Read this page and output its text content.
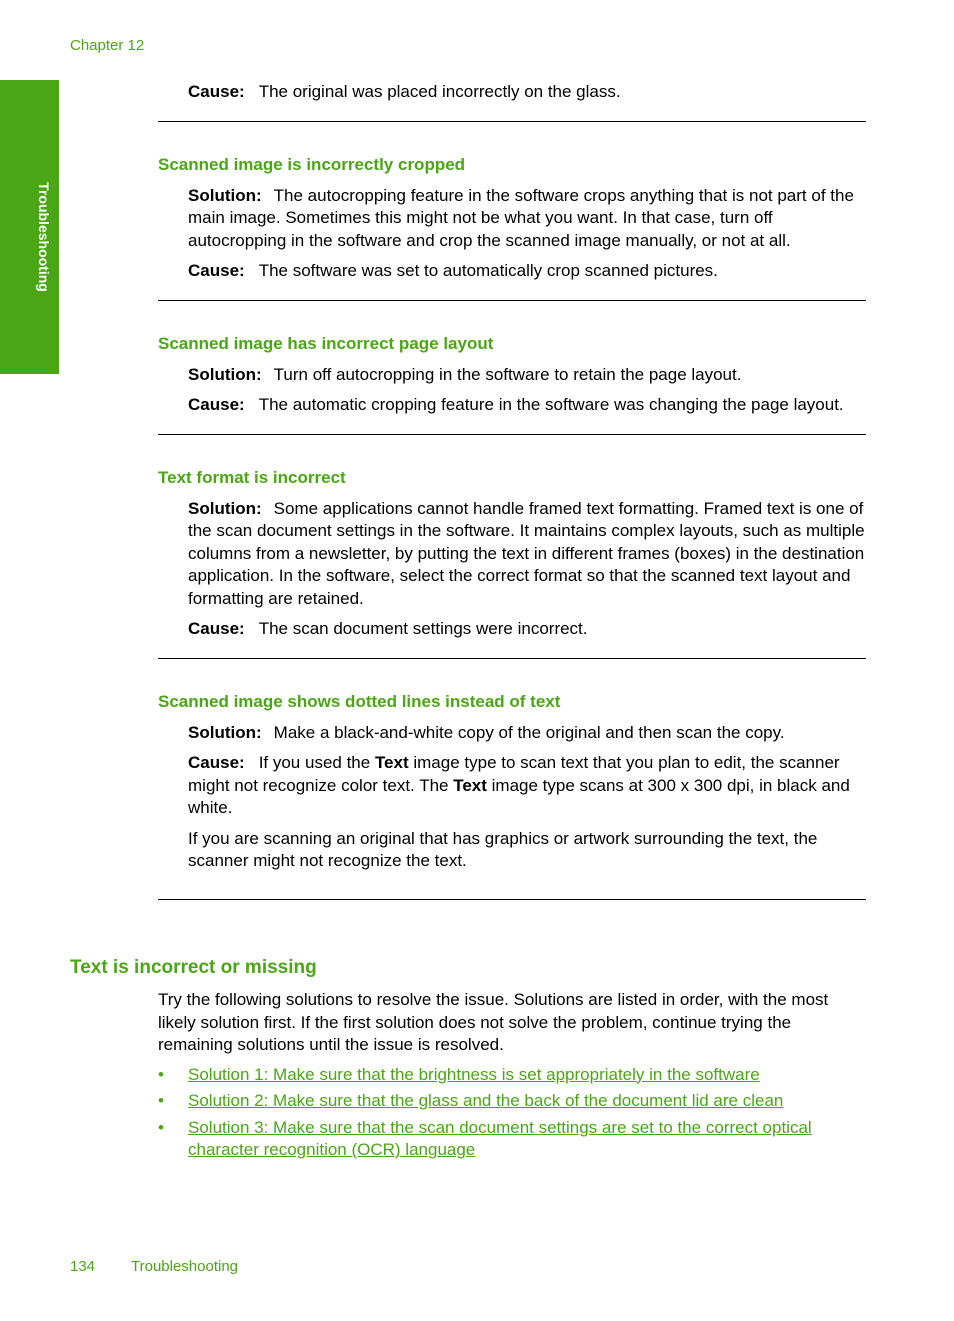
Chapter 12
Troubleshooting

Cause: The original was placed incorrectly on the glass.

Scanned image is incorrectly cropped

Solution: The autocropping feature in the software crops anything that is not part of the main image. Sometimes this might not be what you want. In that case, turn off autocropping in the software and crop the scanned image manually, or not at all.

Cause: The software was set to automatically crop scanned pictures.

Scanned image has incorrect page layout

Solution: Turn off autocropping in the software to retain the page layout.

Cause: The automatic cropping feature in the software was changing the page layout.

Text format is incorrect

Solution: Some applications cannot handle framed text formatting. Framed text is one of the scan document settings in the software. It maintains complex layouts, such as multiple columns from a newsletter, by putting the text in different frames (boxes) in the destination application. In the software, select the correct format so that the scanned text layout and formatting are retained.

Cause: The scan document settings were incorrect.

Scanned image shows dotted lines instead of text

Solution: Make a black-and-white copy of the original and then scan the copy.

Cause: If you used the Text image type to scan text that you plan to edit, the scanner might not recognize color text. The Text image type scans at 300 x 300 dpi, in black and white.

If you are scanning an original that has graphics or artwork surrounding the text, the scanner might not recognize the text.

Text is incorrect or missing

Try the following solutions to resolve the issue. Solutions are listed in order, with the most likely solution first. If the first solution does not solve the problem, continue trying the remaining solutions until the issue is resolved.

• Solution 1: Make sure that the brightness is set appropriately in the software
• Solution 2: Make sure that the glass and the back of the document lid are clean
• Solution 3: Make sure that the scan document settings are set to the correct optical character recognition (OCR) language
134 Troubleshooting
